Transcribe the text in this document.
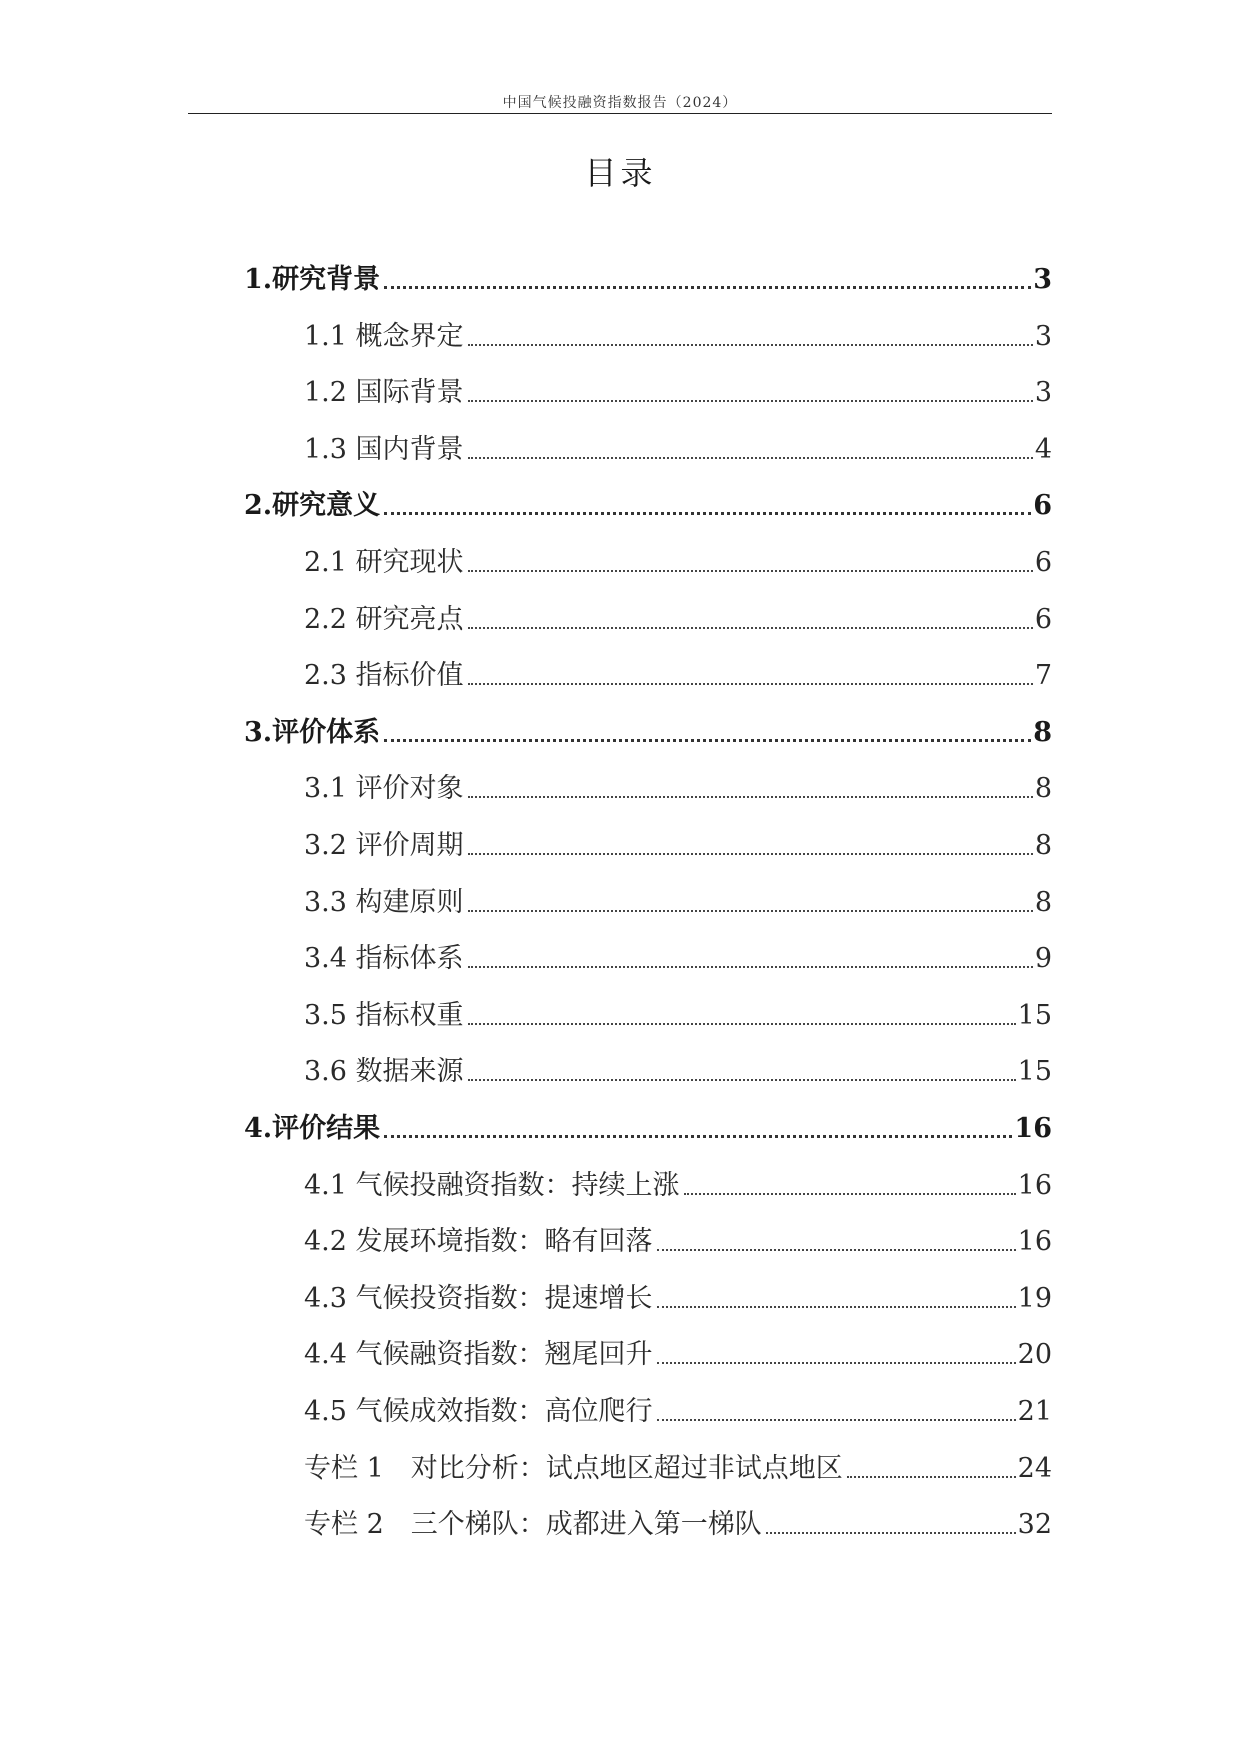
中国气候投融资指数报告（2024）
目录
1.研究背景	3
1.1 概念界定	3
1.2 国际背景	3
1.3 国内背景	4
2.研究意义	6
2.1 研究现状	6
2.2 研究亮点	6
2.3 指标价值	7
3.评价体系	8
3.1 评价对象	8
3.2 评价周期	8
3.3 构建原则	8
3.4 指标体系	9
3.5 指标权重	15
3.6 数据来源	15
4.评价结果	16
4.1 气候投融资指数：持续上涨	16
4.2 发展环境指数：略有回落	16
4.3 气候投资指数：提速增长	19
4.4 气候融资指数：翘尾回升	20
4.5 气候成效指数：高位爬行	21
专栏 1　对比分析：试点地区超过非试点地区	24
专栏 2　三个梯队：成都进入第一梯队	32
